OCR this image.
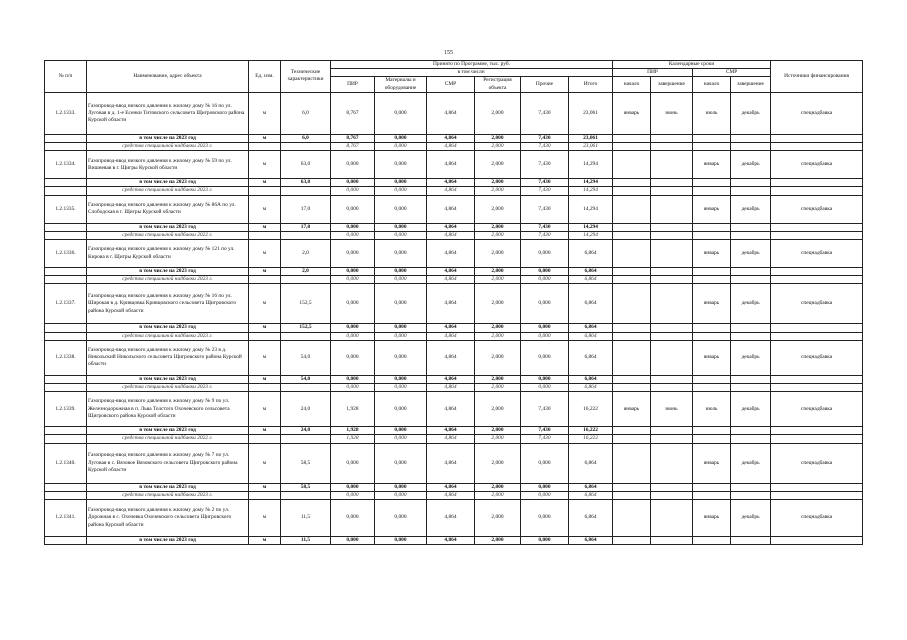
155
№ п/п	Наименование, адрес объекта	Ед. изм.	Технические характеристики	Принято по Программе, тыс. руб.						Календарные сроки				Источники финансирования
				в том числе:						ПИР		СМР		
				ПИР	Материалы и оборудование	СМР	Регистрация объекта	Прочие	Итого	начало	завершение	начало	завершение	
1.2.1333.	Газопровод-ввод низкого давления к жилому дому № 16 по ул. Луговая в д. 1-е Есенки Титовского сельсовета Щигровского района Курской области	м	6,0	8,767	0,000	4,864	2,000	7,430	23,061	январь	июнь	июль	декабрь	спецнадбавка
	в том числе на 2023 год	м	6,0	8,767	0,000	4,864	2,000	7,430	23,061					
	средства специальной надбавки 2023 г.			8,767	0,000	4,864	2,000	7,430	23,061					
1.2.1334.	Газопровод-ввод низкого давления к жилому дому № 59 по ул. Вишневая в г. Щигры Курской области	м	63,0	0,000	0,000	4,864	2,000	7,430	14,294			январь	декабрь	спецнадбавка
	в том числе на 2023 год	м	63,0	0,000	0,000	4,864	2,000	7,430	14,294					
	средства специальной надбавки 2023 г.			0,000	0,000	4,864	2,000	7,430	14,294					
1.2.1335.	Газопровод-ввод низкого давления к жилому дому № 86А по ул. Слободская в г. Щигры Курской области	м	17,0	0,000	0,000	4,864	2,000	7,430	14,294			январь	декабрь	спецнадбавка
	в том числе на 2023 год	м	17,0	0,000	0,000	4,864	2,000	7,430	14,294					
	средства специальной надбавки 2022 г.			0,000	0,000	4,864	2,000	7,430	14,294					
1.2.1336.	Газопровод-ввод низкого давления к жилому дому № 121 по ул. Кирова в г. Щигры Курской области	м	2,0	0,000	0,000	4,864	2,000	0,000	6,864			январь	декабрь	спецнадбавка
	в том числе на 2023 год	м	2,0	0,000	0,000	4,864	2,000	0,000	6,864					
	средства специальной надбавки 2023 г.			0,000	0,000	4,864	2,000	0,000	6,864					
1.2.1337.	Газопровод-ввод низкого давления к жилому дому № 16 по ул. Широкая в д. Кривцовка Кривцовского сельсовета Щигровского района Курской области	м	152,5	0,000	0,000	4,864	2,000	0,000	6,864			январь	декабрь	спецнадбавка
	в том числе на 2023 год	м	152,5	0,000	0,000	4,864	2,000	0,000	6,864					
	средства специальной надбавки 2023 г.			0,000	0,000	4,864	2,000	0,000	6,864					
1.2.1338.	Газопровод-ввод низкого давления к жилому дому № 23 в д. Никольский Никольского сельсовета Щигровского района Курской области	м	54,0	0,000	0,000	4,864	2,000	0,000	6,864			январь	декабрь	спецнадбавка
	в том числе на 2023 год	м	54,0	0,000	0,000	4,864	2,000	0,000	6,864					
	средства специальной надбавки 2023 г.			0,000	0,000	4,864	2,000	0,000	6,864					
1.2.1339.	Газопровод-ввод низкого давления к жилому дому № 9 по ул. Железнодорожная в п. Льва Толстого Охочевского сельсовета Щигровского района Курской области	м	24,0	1,928	0,000	4,864	2,000	7,430	16,222	январь	июнь	июль	декабрь	спецнадбавка
	в том числе на 2023 год	м	24,0	1,928	0,000	4,864	2,000	7,430	16,222					
	средства специальной надбавки 2022 г.			1,928	0,000	4,864	2,000	7,430	16,222					
1.2.1340.	Газопровод-ввод низкого давления к жилому дому № 7 по ул. Луговая в с. Вязовое Вязовского сельсовета Щигровского района Курской области	м	58,5	0,000	0,000	4,864	2,000	0,000	6,864			январь	декабрь	спецнадбавка
	в том числе на 2023 год	м	58,5	0,000	0,000	4,864	2,000	0,000	6,864					
	средства специальной надбавки 2023 г.			0,000	0,000	4,864	2,000	0,000	6,864					
1.2.1341.	Газопровод-ввод низкого давления к жилому дому № 2 по ул. Дорожная в с. Охочевка Охочевского сельсовета Щигровского района Курской области	м	11,5	0,000	0,000	4,864	2,000	0,000	6,864			январь	декабрь	спецнадбавка
	в том числе на 2023 год	м	11,5	0,000	0,000	4,864	2,000	0,000	6,864					
